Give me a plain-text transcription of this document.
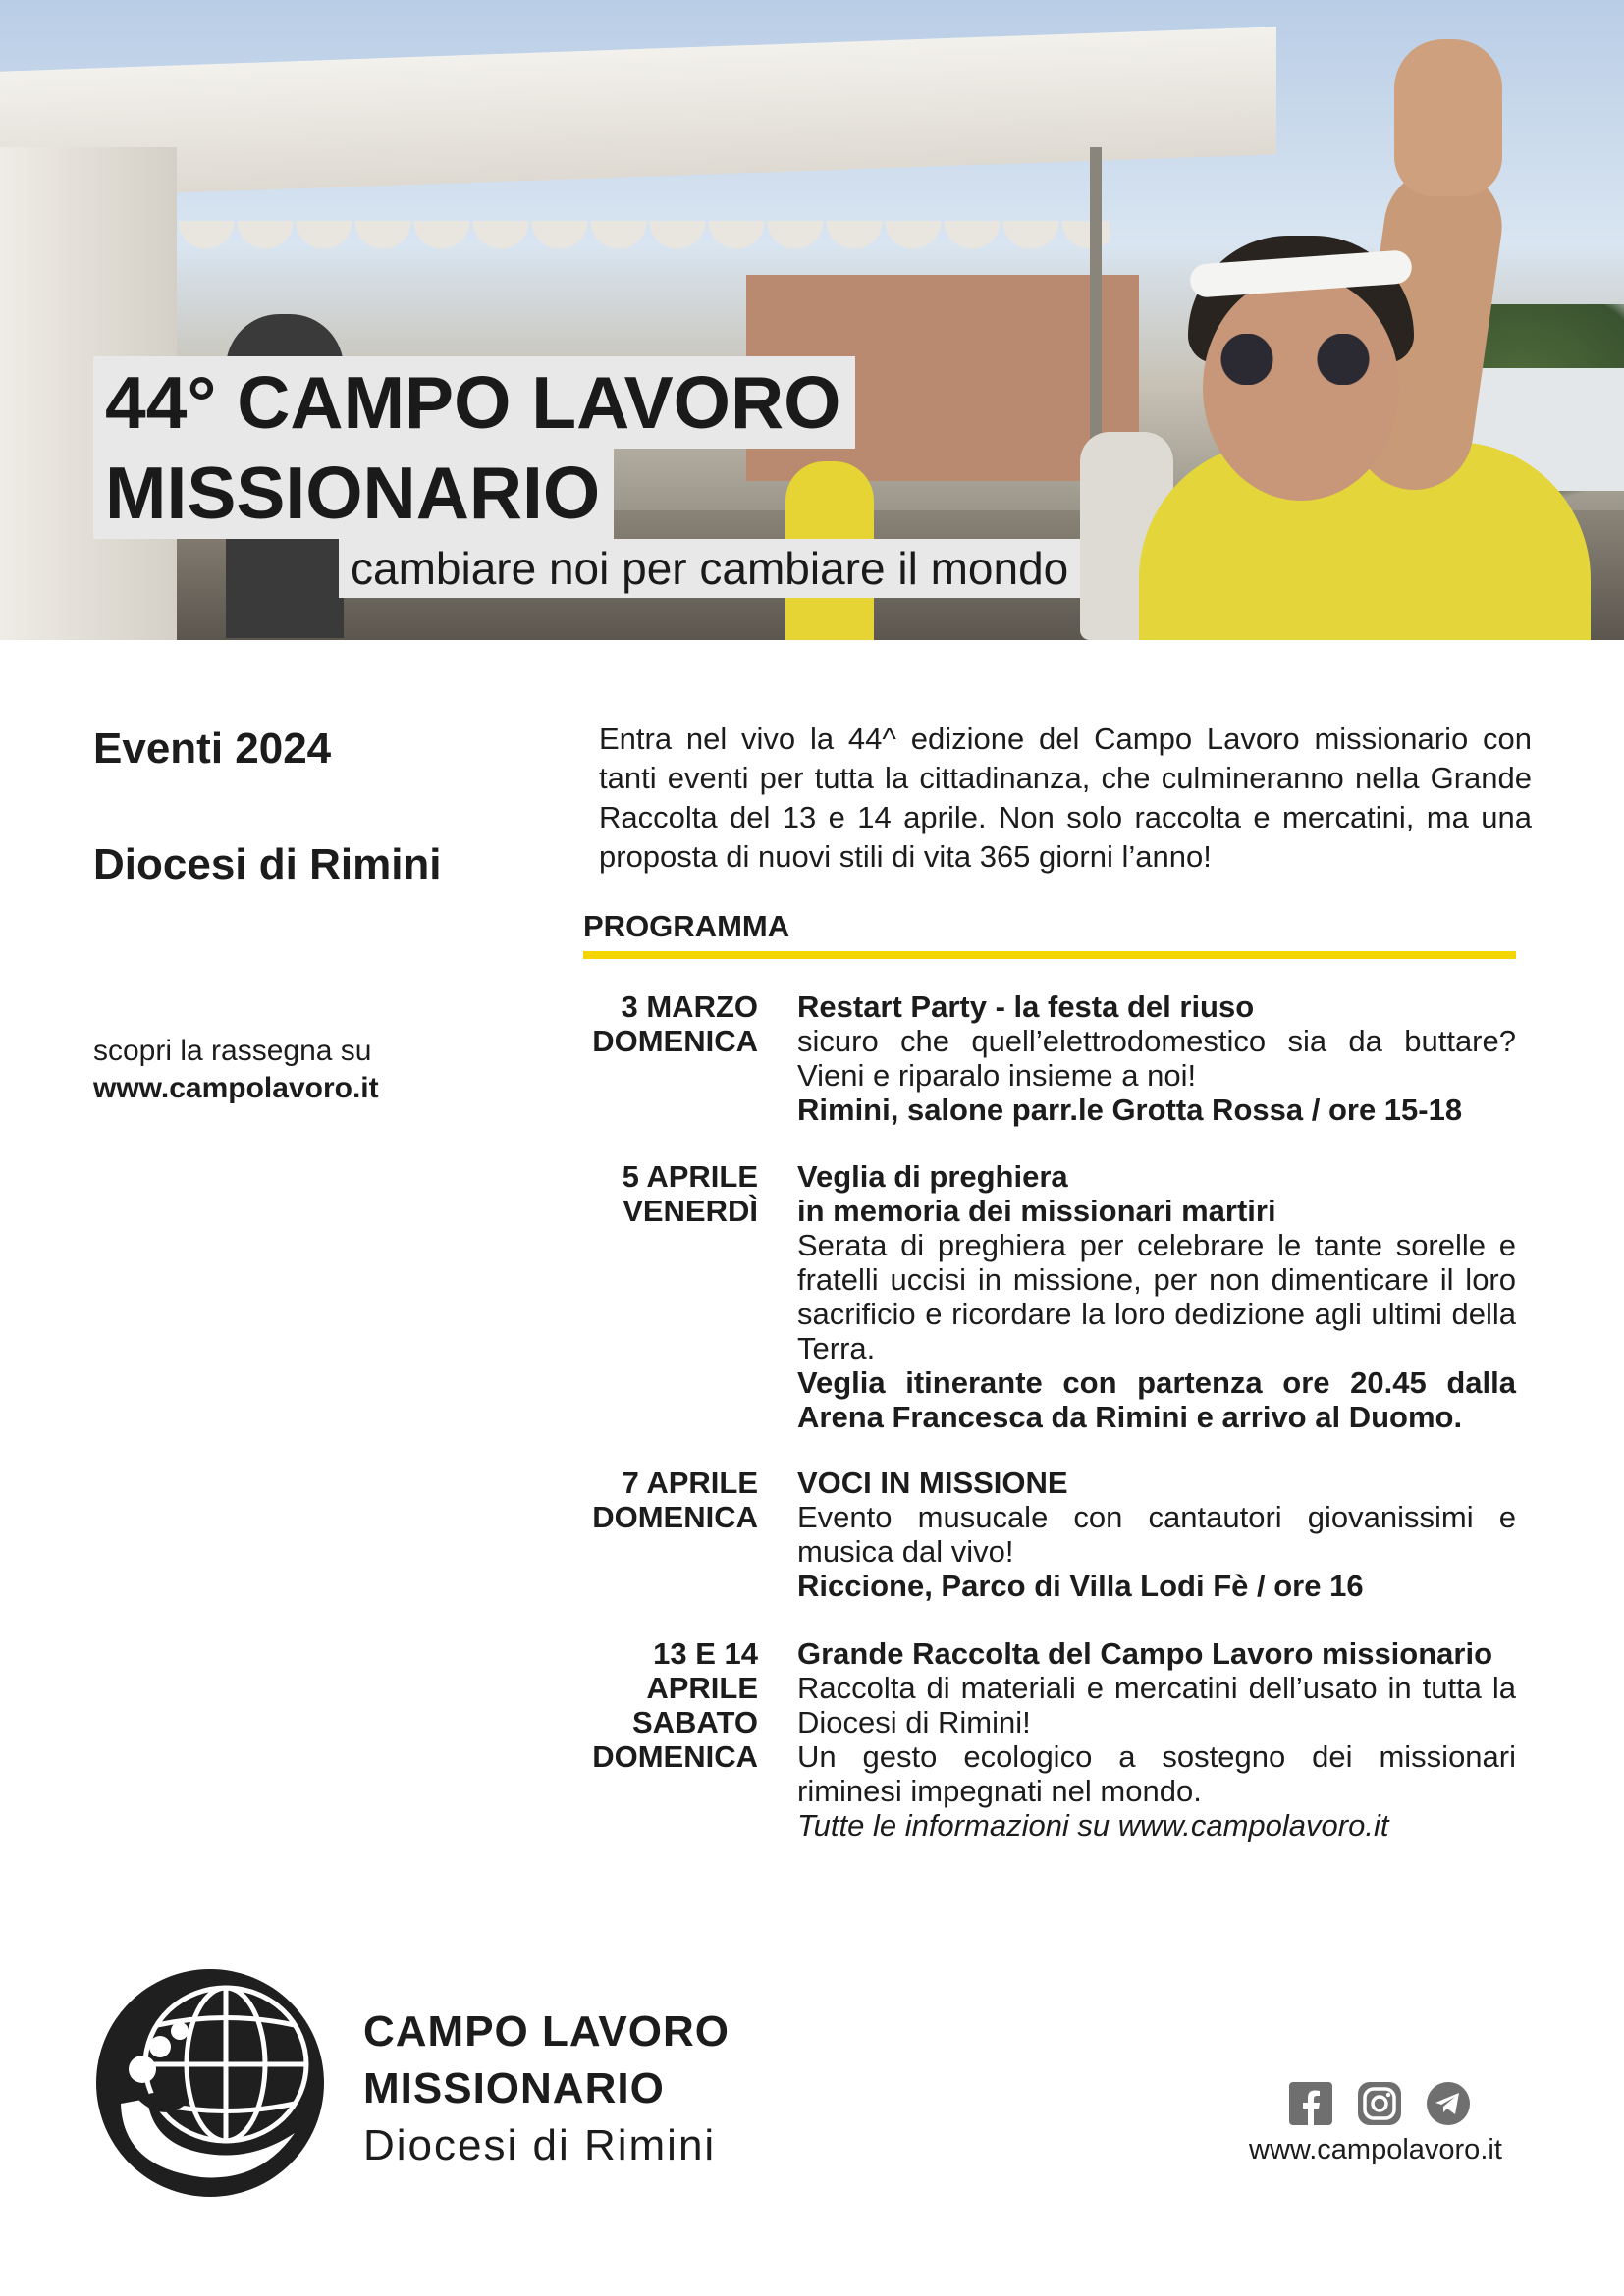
44° CAMPO LAVORO
MISSIONARIO
cambiare noi per cambiare il mondo
Eventi 2024
Diocesi di Rimini
scopri la rassegna su
www.campolavoro.it

Entra nel vivo la 44^ edizione del Campo Lavoro missionario con tanti eventi per tutta la cittadinanza, che culmineranno nella Grande Raccolta del 13 e 14 aprile. Non solo raccolta e mercatini, ma una proposta di nuovi stili di vita 365 giorni l’anno!

PROGRAMMA
3 MARZO
DOMENICA
Restart Party - la festa del riuso
sicuro che quell’elettrodomestico sia da buttare? Vieni e riparalo insieme a noi!
Rimini, salone parr.le Grotta Rossa / ore 15-18
5 APRILE
VENERDÌ
Veglia di preghiera
in memoria dei missionari martiri
Serata di preghiera per celebrare le tante sorelle e fratelli uccisi in missione, per non dimenticare il loro sacrificio e ricordare la loro dedizione agli ultimi della Terra.
Veglia itinerante con partenza ore 20.45 dalla Arena Francesca da Rimini e arrivo al Duomo.
7 APRILE
DOMENICA
VOCI IN MISSIONE
Evento musucale con cantautori giovanissimi e musica dal vivo!
Riccione, Parco di Villa Lodi Fè / ore 16
13 E 14
APRILE
SABATO
DOMENICA
Grande Raccolta del Campo Lavoro missionario
Raccolta di materiali e mercatini dell’usato in tutta la Diocesi di Rimini!
Un gesto ecologico a sostegno dei missionari riminesi impegnati nel mondo.
Tutte le informazioni su www.campolavoro.it
CAMPO LAVORO
MISSIONARIO
Diocesi di Rimini	www.campolavoro.it
